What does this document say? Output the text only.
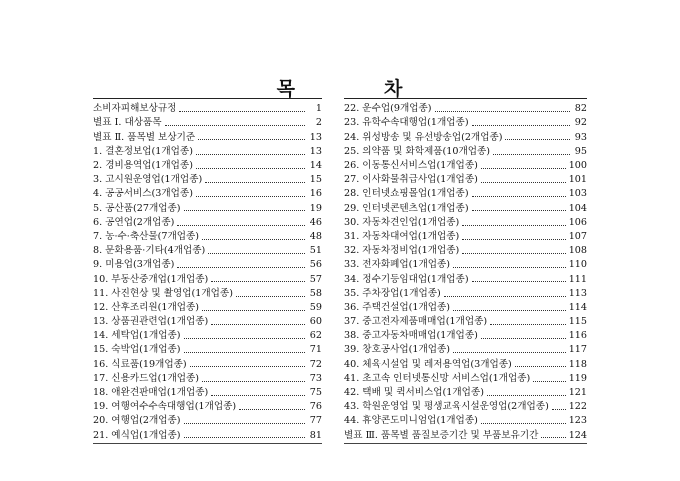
목	차
소비자피해보상규정	1
별표 Ⅰ. 대상품목	2
별표 Ⅱ. 품목별 보상기준	13
1. 결혼정보업(1개업종)	13
2. 경비용역업(1개업종)	14
3. 고시원운영업(1개업종)	15
4. 공공서비스(3개업종)	16
5. 공산품(27개업종)	19
6. 공연업(2개업종)	46
7. 농·수·축산물(7개업종)	48
8. 문화용품·기타(4개업종)	51
9. 미용업(3개업종)	56
10. 부동산중개업(1개업종)	57
11. 사진현상 및 촬영업(1개업종)	58
12. 산후조리원(1개업종)	59
13. 상품권관련업(1개업종)	60
14. 세탁업(1개업종)	62
15. 숙박업(1개업종)	71
16. 식료품(19개업종)	72
17. 신용카드업(1개업종)	73
18. 애완견판매업(1개업종)	75
19. 여행여수수속대행업(1개업종)	76
20. 여행업(2개업종)	77
21. 예식업(1개업종)	81
22. 운수업(9개업종)	82
23. 유학수속대행업(1개업종)	92
24. 위성방송 및 유선방송업(2개업종)	93
25. 의약품 및 화학제품(10개업종)	95
26. 이동통신서비스업(1개업종)	100
27. 이사화물취급사업(1개업종)	101
28. 인터넷쇼핑몰업(1개업종)	103
29. 인터넷콘텐츠업(1개업종)	104
30. 자동차견인업(1개업종)	106
31. 자동차대여업(1개업종)	107
32. 자동차정비업(1개업종)	108
33. 전자화폐업(1개업종)	110
34. 정수기등임대업(1개업종)	111
35. 주차장업(1개업종)	113
36. 주택건설업(1개업종)	114
37. 중고전자제품매매업(1개업종)	115
38. 중고자동차매매업(1개업종)	116
39. 창호공사업(1개업종)	117
40. 체육시설업 및 레저용역업(3개업종)	118
41. 초고속 인터넷통신망 서비스업(1개업종)	119
42. 택배 및 퀵서비스업(1개업종)	121
43. 학원운영업 및 평생교육시설운영업(2개업종) 122
44. 휴양콘도미니엄업(1개업종)	123
별표 Ⅲ. 품목별 품질보증기간 및 부품보유기간	124
